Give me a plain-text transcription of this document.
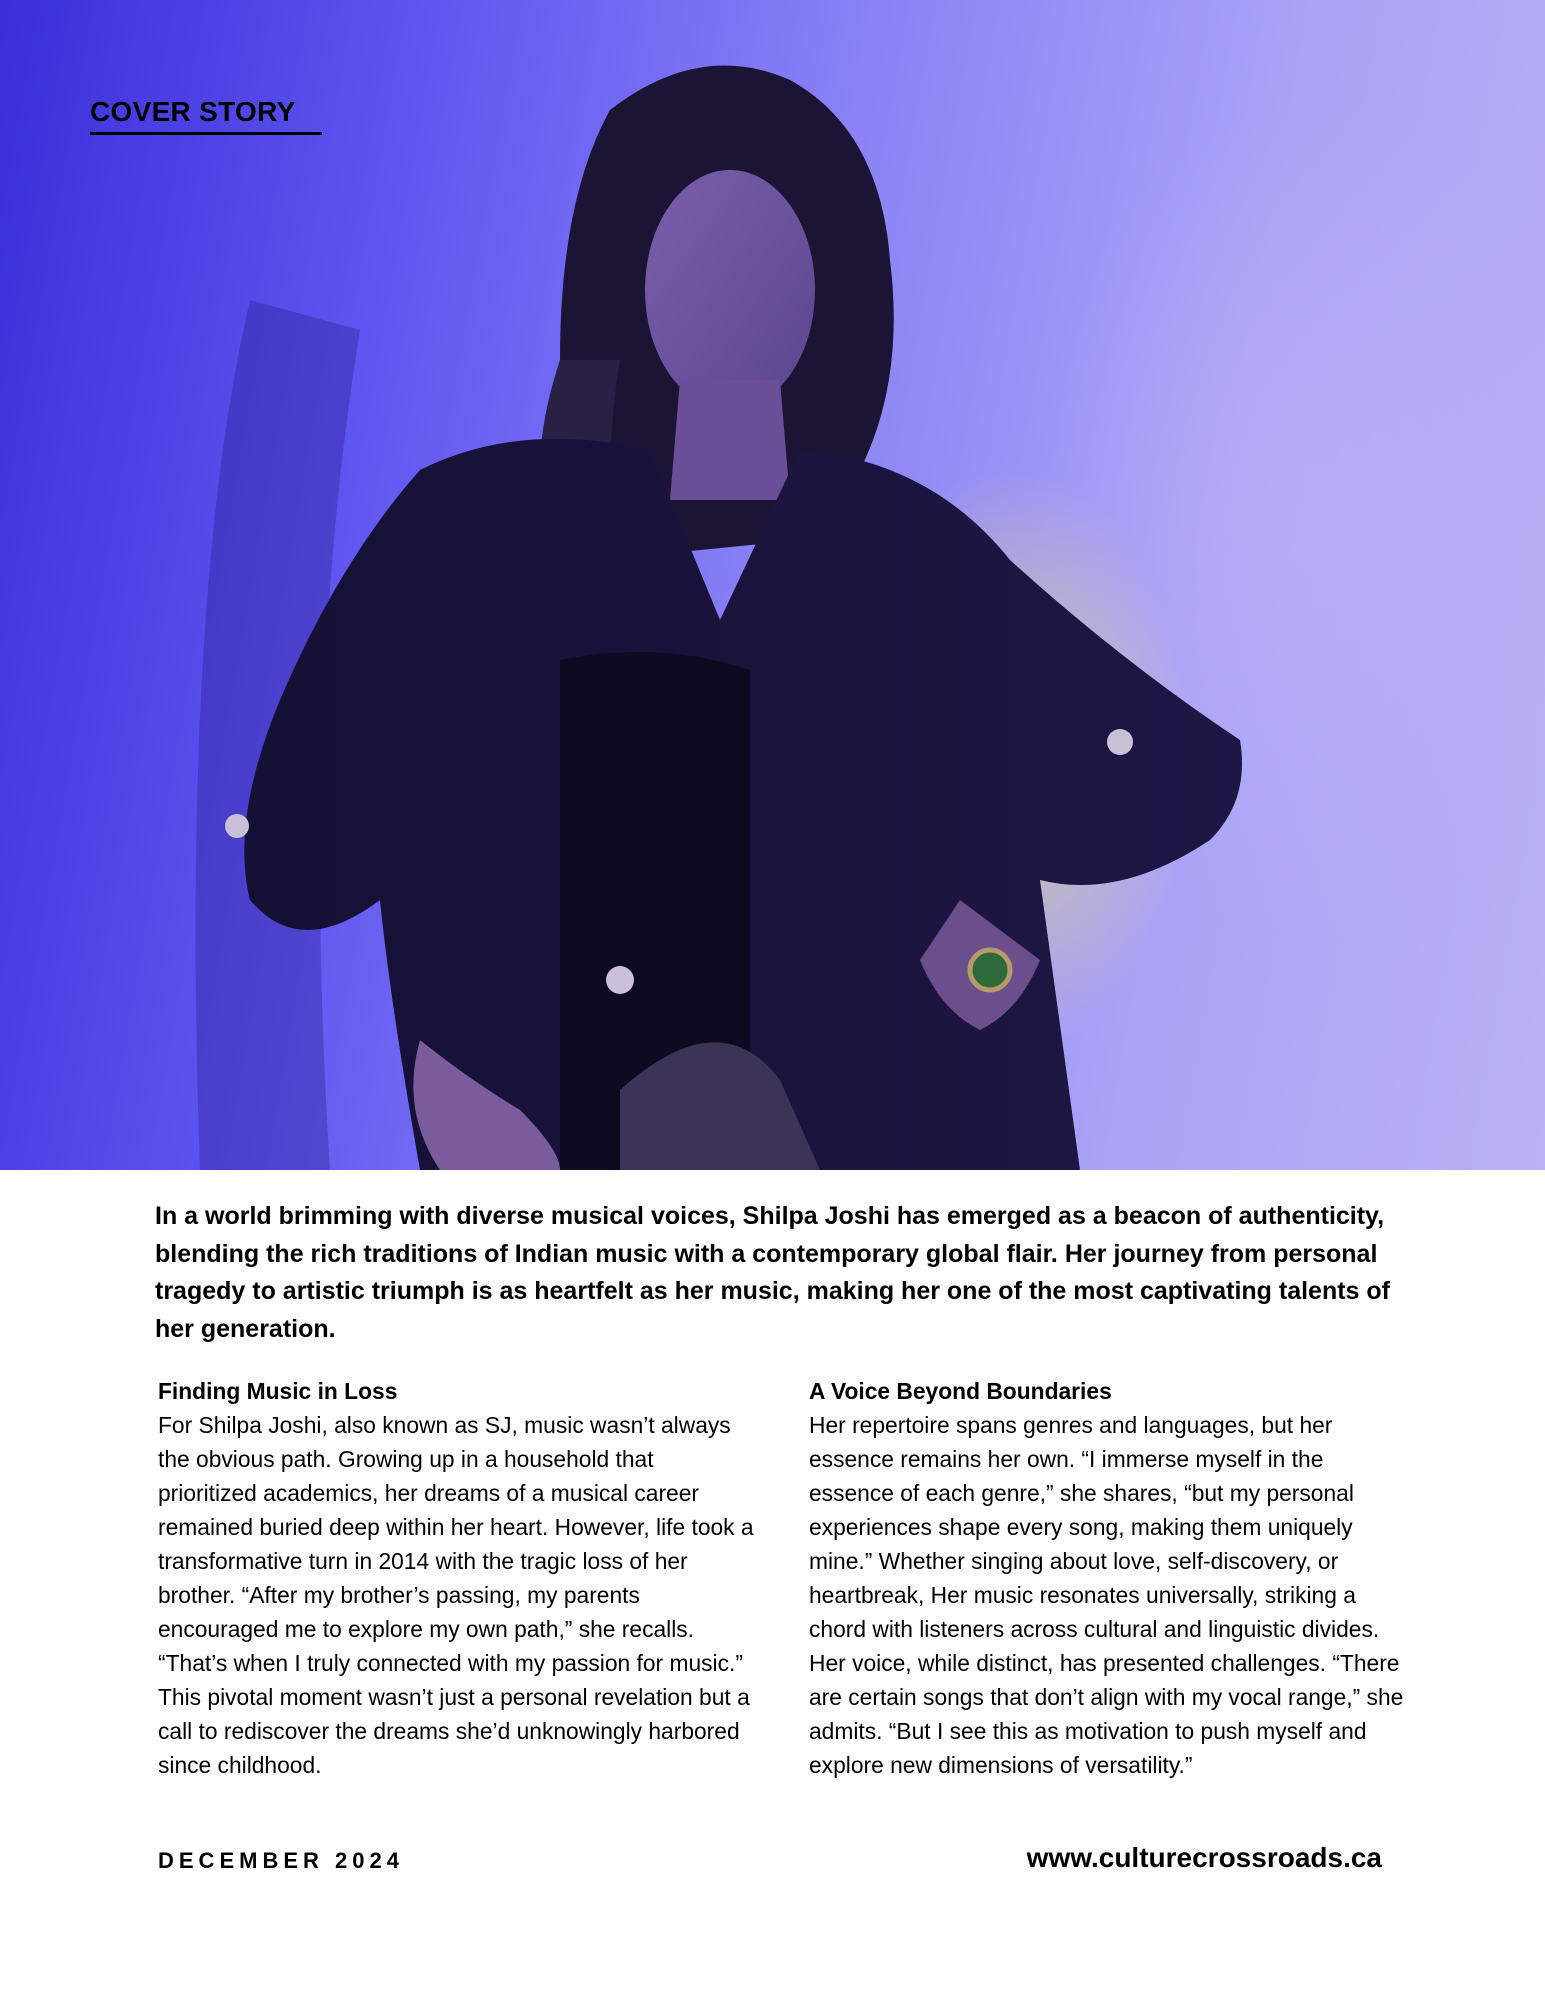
COVER STORY
In a world brimming with diverse musical voices, Shilpa Joshi has emerged as a beacon of authenticity, blending the rich traditions of Indian music with a contemporary global flair. Her journey from personal tragedy to artistic triumph is as heartfelt as her music, making her one of the most captivating talents of her generation.
Finding Music in Loss

For Shilpa Joshi, also known as SJ, music wasn’t always the obvious path. Growing up in a household that prioritized academics, her dreams of a musical career remained buried deep within her heart. However, life took a transformative turn in 2014 with the tragic loss of her brother. “After my brother’s passing, my parents encouraged me to explore my own path,” she recalls. “That’s when I truly connected with my passion for music.”

This pivotal moment wasn’t just a personal revelation but a call to rediscover the dreams she’d unknowingly harbored since childhood.

A Voice Beyond Boundaries

Her repertoire spans genres and languages, but her essence remains her own. “I immerse myself in the essence of each genre,” she shares, “but my personal experiences shape every song, making them uniquely mine.” Whether singing about love, self-discovery, or heartbreak, Her music resonates universally, striking a chord with listeners across cultural and linguistic divides. Her voice, while distinct, has presented challenges. “There are certain songs that don’t align with my vocal range,” she admits. “But I see this as motivation to push myself and explore new dimensions of versatility.”

DECEMBER 2024	www.culturecrossroads.ca
